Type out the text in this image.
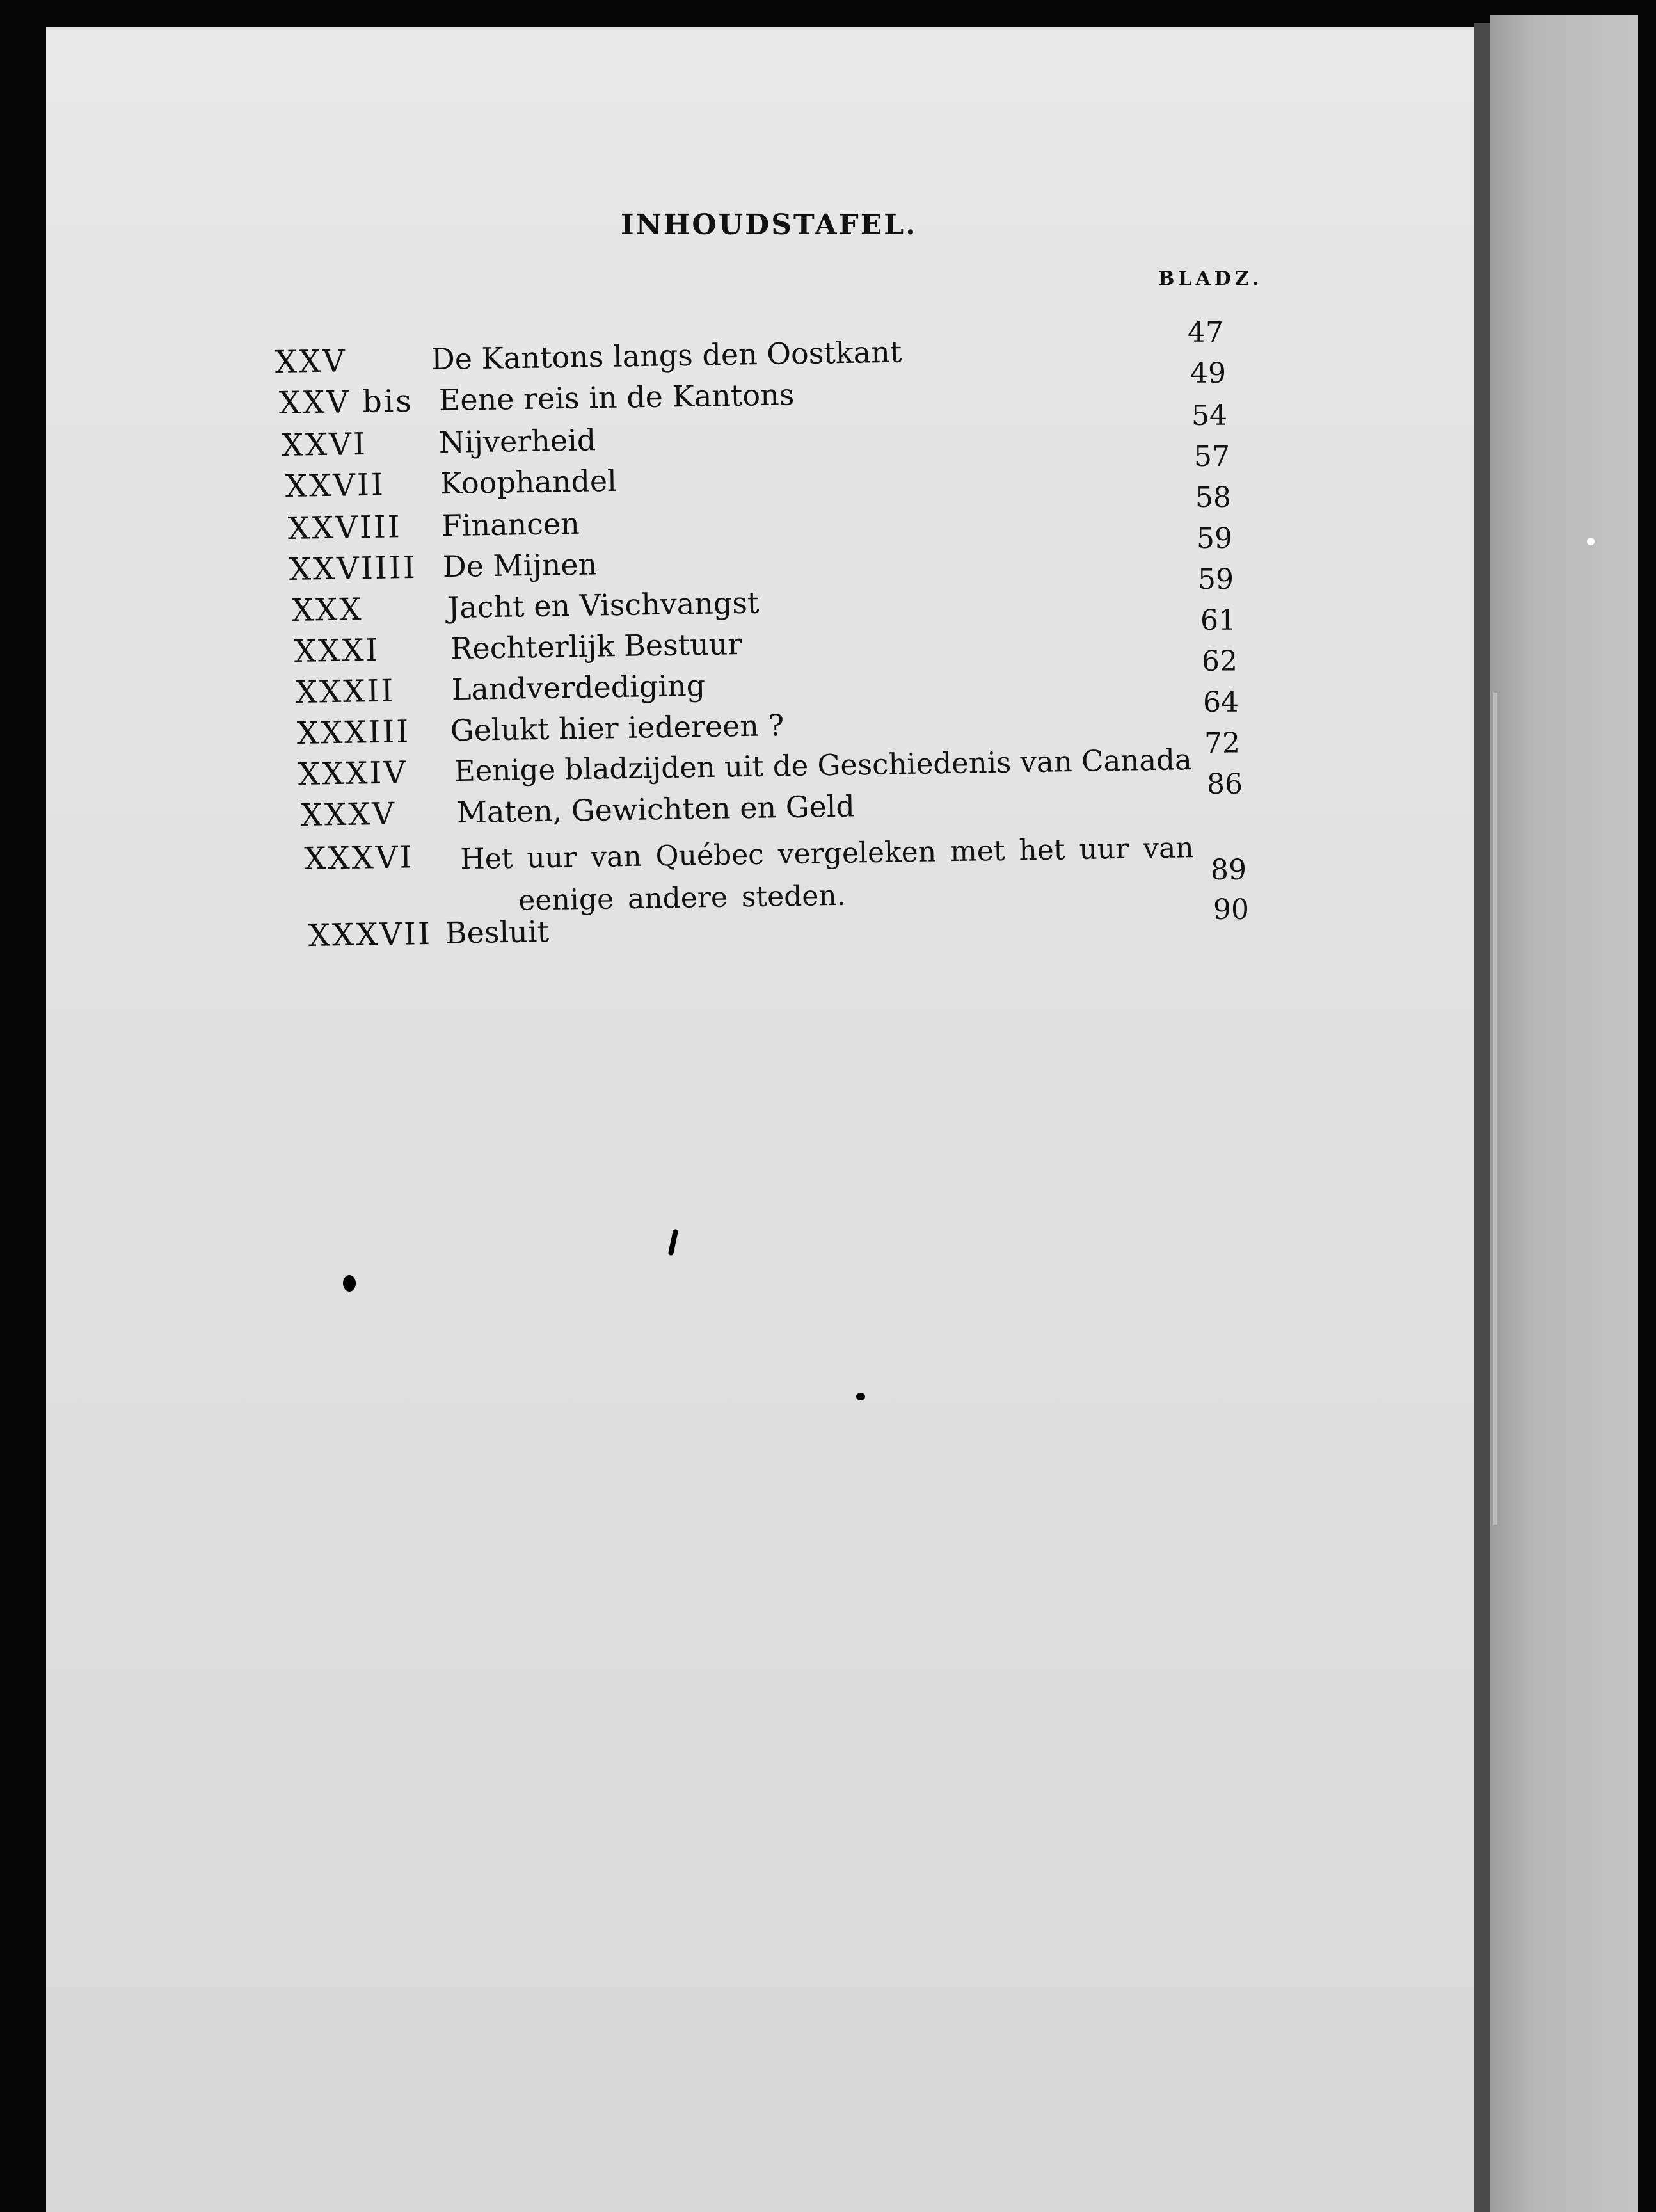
INHOUDSTAFEL.
BLADZ.
XXV	De Kantons langs den Oostkant
XXV bis Eene reis in de Kantons
XXVI Nijverheid
XXVII Koophandel
XXVIII Financen
XXVIIII De Mijnen
XXX	Jacht en Vischvangst
XXXI Rechterlijk Bestuur
XXXII Landverdediging
XXXIII Gelukt hier iedereen ?
XXXIV Eenige bladzijden uit de Geschiedenis van Canada
XXXV Maten, Gewichten en Geld
XXXVI Het uur van Québec vergeleken met het uur van
eenige andere steden.
XXXVII Besluit
47
49
54
57
58
59
59
61
62
64
72
86
89
90
